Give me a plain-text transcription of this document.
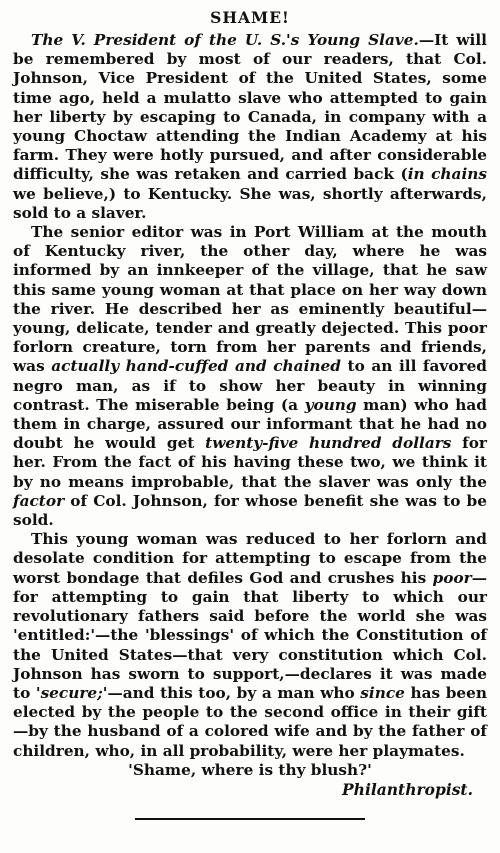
SHAME!

The V. President of the U. S.'s Young Slave.—It will be remembered by most of our readers, that Col. Johnson, Vice President of the United States, some time ago, held a mulatto slave who attempted to gain her liberty by escaping to Canada, in company with a young Choctaw attending the Indian Academy at his farm. They were hotly pursued, and after considerable difficulty, she was retaken and carried back (in chains we believe,) to Kentucky. She was, shortly afterwards, sold to a slaver.

The senior editor was in Port William at the mouth of Kentucky river, the other day, where he was informed by an innkeeper of the village, that he saw this same young woman at that place on her way down the river. He described her as eminently beautiful—young, delicate, tender and greatly dejected. This poor forlorn creature, torn from her parents and friends, was actually hand-cuffed and chained to an ill favored negro man, as if to show her beauty in winning contrast. The miserable being (a young man) who had them in charge, assured our informant that he had no doubt he would get twenty-five hundred dollars for her. From the fact of his having these two, we think it by no means improbable, that the slaver was only the factor of Col. Johnson, for whose benefit she was to be sold.

This young woman was reduced to her forlorn and desolate condition for attempting to escape from the worst bondage that defiles God and crushes his poor—for attempting to gain that liberty to which our revolutionary fathers said before the world she was 'entitled:'—the 'blessings' of which the Constitution of the United States—that very constitution which Col. Johnson has sworn to support,—declares it was made to 'secure;'—and this too, by a man who since has been elected by the people to the second office in their gift—by the husband of a colored wife and by the father of children, who, in all probability, were her playmates.

'Shame, where is thy blush?'

Philanthropist.
